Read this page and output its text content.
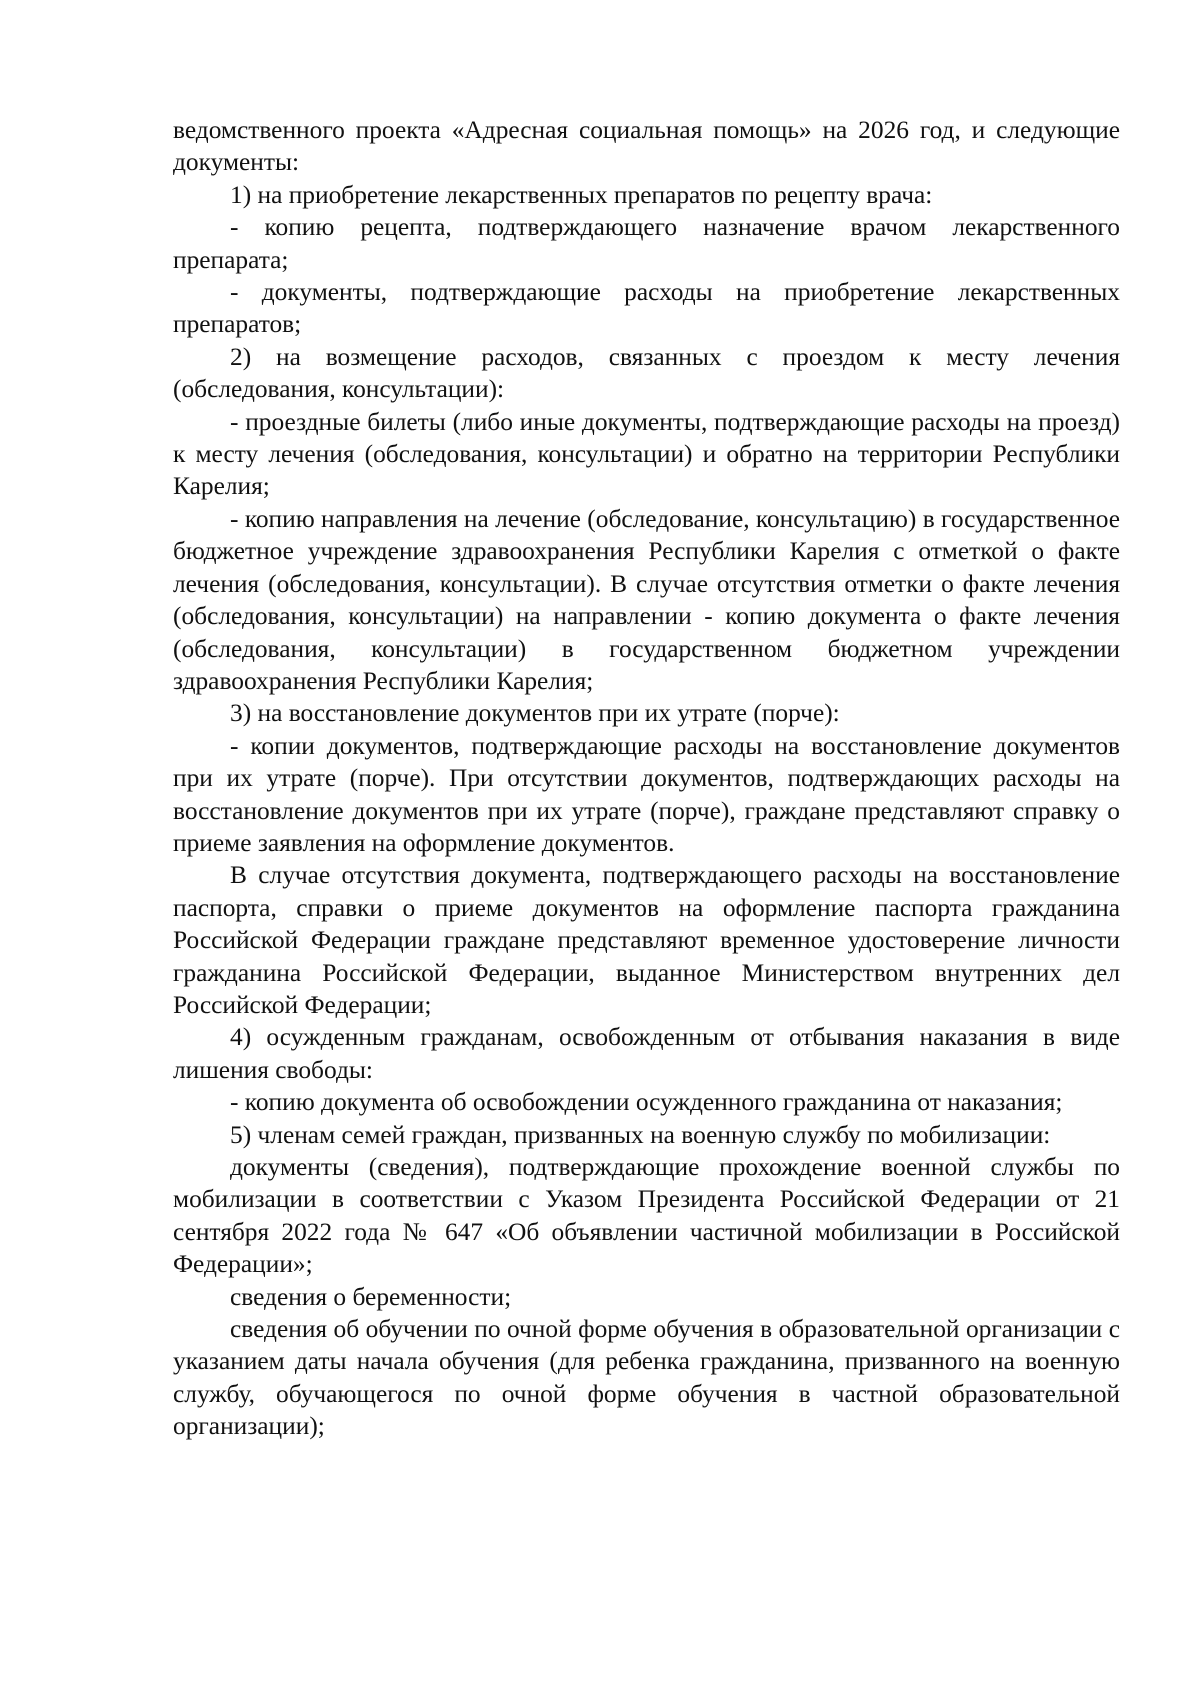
ведомственного проекта «Адресная социальная помощь» на 2026 год, и следующие документы:

1) на приобретение лекарственных препаратов по рецепту врача:

- копию рецепта, подтверждающего назначение врачом лекарственного препарата;

- документы, подтверждающие расходы на приобретение лекарственных препаратов;

2) на возмещение расходов, связанных с проездом к месту лечения (обследования, консультации):

- проездные билеты (либо иные документы, подтверждающие расходы на проезд) к месту лечения (обследования, консультации) и обратно на территории Республики Карелия;

- копию направления на лечение (обследование, консультацию) в государственное бюджетное учреждение здравоохранения Республики Карелия с отметкой о факте лечения (обследования, консультации). В случае отсутствия отметки о факте лечения (обследования, консультации) на направлении - копию документа о факте лечения (обследования, консультации) в государственном бюджетном учреждении здравоохранения Республики Карелия;

3) на восстановление документов при их утрате (порче):

- копии документов, подтверждающие расходы на восстановление документов при их утрате (порче). При отсутствии документов, подтверждающих расходы на восстановление документов при их утрате (порче), граждане представляют справку о приеме заявления на оформление документов.

В случае отсутствия документа, подтверждающего расходы на восстановление паспорта, справки о приеме документов на оформление паспорта гражданина Российской Федерации граждане представляют временное удостоверение личности гражданина Российской Федерации, выданное Министерством внутренних дел Российской Федерации;

4) осужденным гражданам, освобожденным от отбывания наказания в виде лишения свободы:

- копию документа об освобождении осужденного гражданина от наказания;

5) членам семей граждан, призванных на военную службу по мобилизации:

документы (сведения), подтверждающие прохождение военной службы по мобилизации в соответствии с Указом Президента Российской Федерации от 21 сентября 2022 года № 647 «Об объявлении частичной мобилизации в Российской Федерации»;

сведения о беременности;

сведения об обучении по очной форме обучения в образовательной организации с указанием даты начала обучения (для ребенка гражданина, призванного на военную службу, обучающегося по очной форме обучения в частной образовательной организации);
